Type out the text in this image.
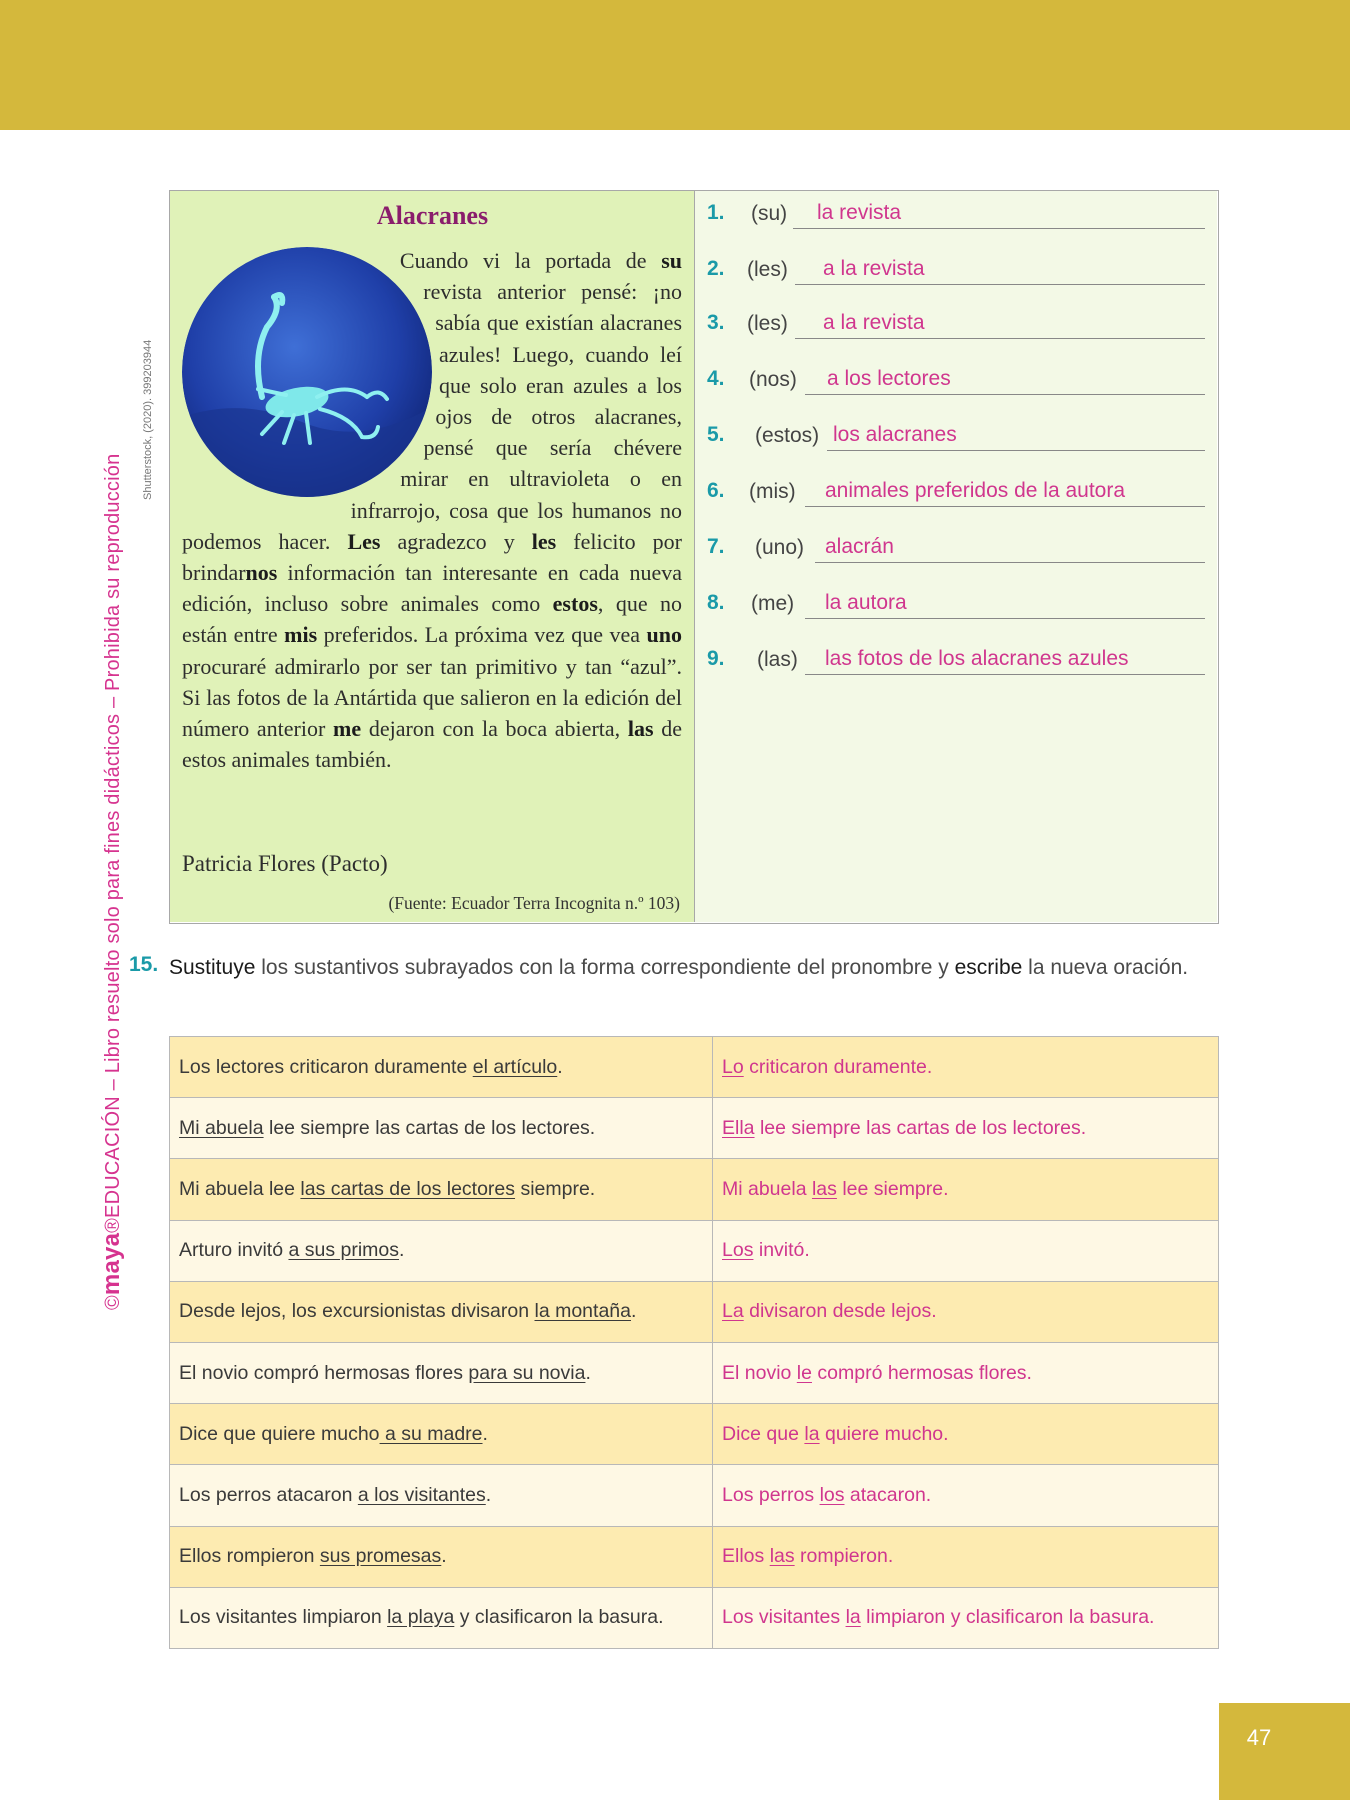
©maya®EDUCACIÓN – Libro resuelto solo para fines didácticos – Prohibida su reproducción
Shutterstock, (2020). 399203944
Alacranes
Cuando vi la portada de su revista anterior pensé: ¡no sabía que existían alacranes azules! Luego, cuando leí que solo eran azules a los ojos de otros alacranes, pensé que sería chévere mirar en ultravioleta o en infrarrojo, cosa que los humanos no podemos hacer. Les agradezco y les felicito por brindarnos información tan interesante en cada nueva edición, incluso sobre animales como estos, que no están entre mis preferidos. La próxima vez que vea uno procuraré admirarlo por ser tan primitivo y tan “azul”. Si las fotos de la Antártida que salieron en la edición del número anterior me dejaron con la boca abierta, las de estos animales también.
Patricia Flores (Pacto)
(Fuente: Ecuador Terra Incognita n.º 103)
1. (su) la revista
2. (les) a la revista
3. (les) a la revista
4. (nos) a los lectores
5. (estos) los alacranes
6. (mis) animales preferidos de la autora
7. (uno) alacrán
8. (me) la autora
9. (las) las fotos de los alacranes azules
15. Sustituye los sustantivos subrayados con la forma correspondiente del pronombre y escribe la nueva oración.
Los lectores criticaron duramente el artículo.	Lo criticaron duramente.
Mi abuela lee siempre las cartas de los lectores.	Ella lee siempre las cartas de los lectores.
Mi abuela lee las cartas de los lectores siempre.	Mi abuela las lee siempre.
Arturo invitó a sus primos.	Los invitó.
Desde lejos, los excursionistas divisaron la montaña.	La divisaron desde lejos.
El novio compró hermosas flores para su novia.	El novio le compró hermosas flores.
Dice que quiere mucho a su madre.	Dice que la quiere mucho.
Los perros atacaron a los visitantes.	Los perros los atacaron.
Ellos rompieron sus promesas.	Ellos las rompieron.
Los visitantes limpiaron la playa y clasificaron la basura.	Los visitantes la limpiaron y clasificaron la basura.
47
